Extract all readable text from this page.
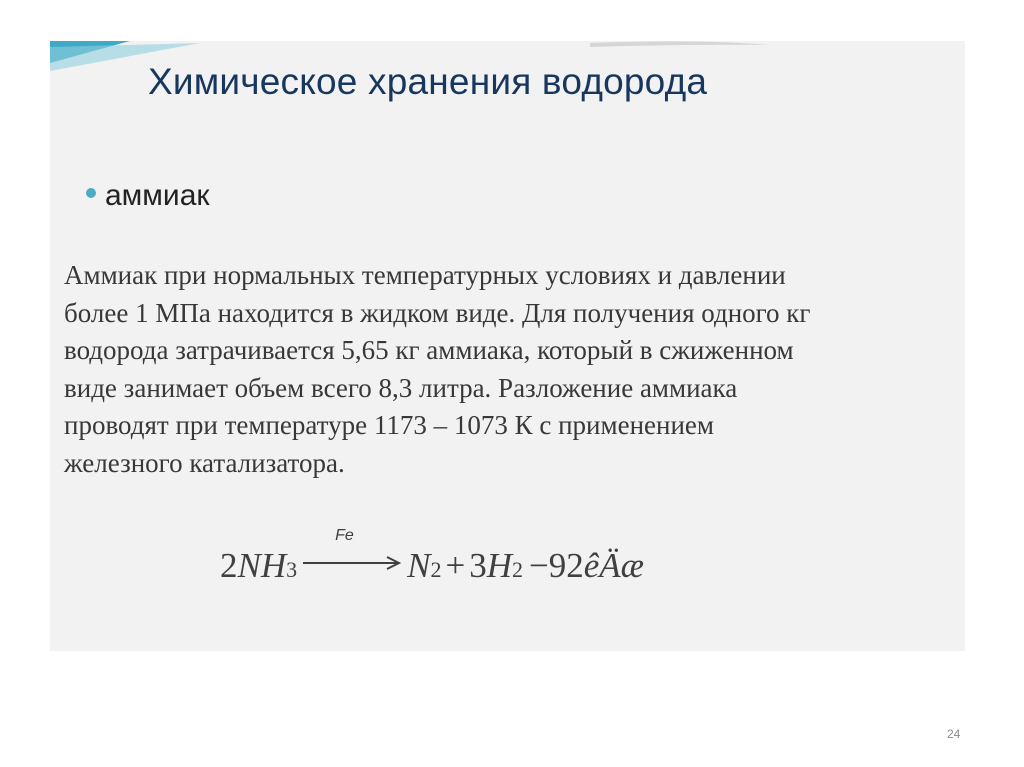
Химическое хранения водорода
аммиак
Аммиак при нормальных температурных условиях и давлении
более 1 МПа находится в жидком виде. Для получения одного кг
водорода затрачивается 5,65 кг аммиака, который в сжиженном
виде занимает объем всего 8,3 литра. Разложение аммиака
проводят при температуре 1173 – 1073 К с применением
железного катализатора.
2 NH 3
Fe
N 2 + 3 H 2 −92 êÄæ
24
